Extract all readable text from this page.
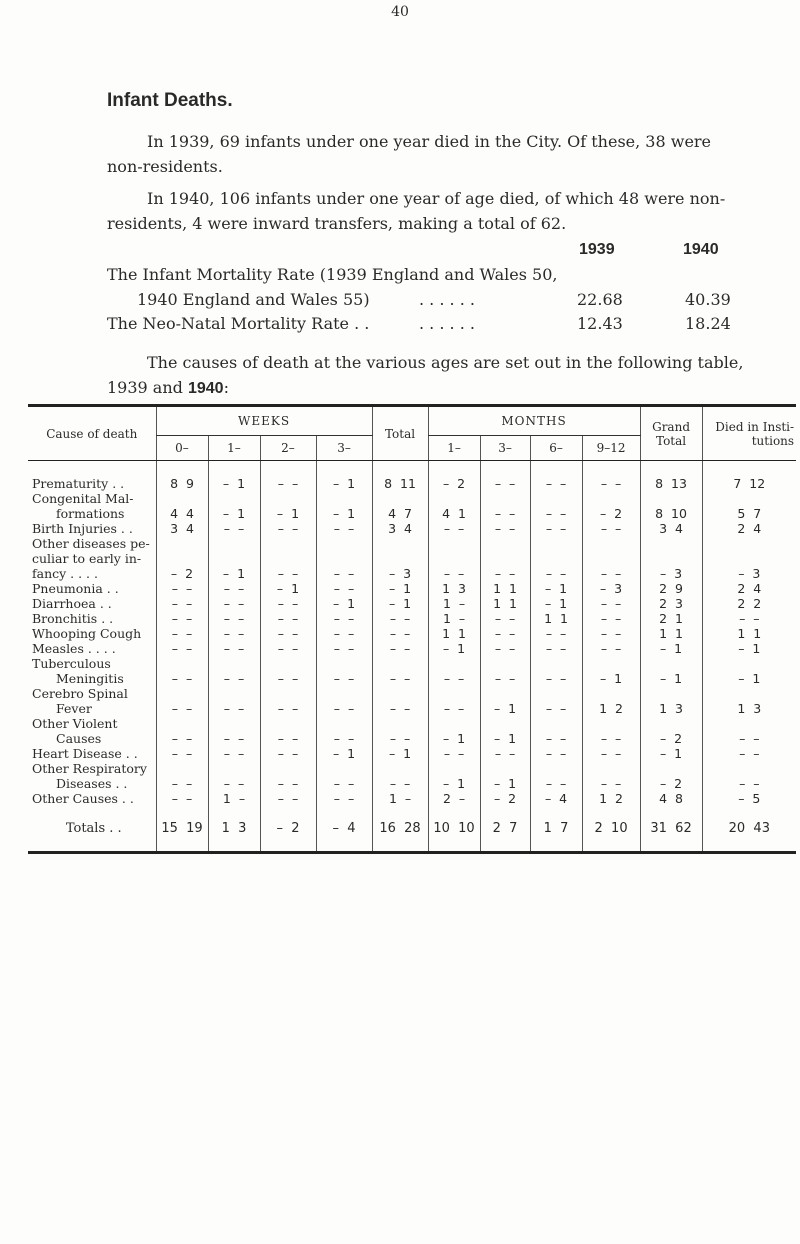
40
Infant Deaths.
In 1939, 69 infants under one year died in the City. Of these, 38 were non-residents.
In 1940, 106 infants under one year of age died, of which 48 were non-residents, 4 were inward transfers, making a total of 62.
1939	1940
The Infant Mortality Rate (1939 England and Wales 50,
1940 England and Wales 55)	. . . . . .	22.68	40.39
The Neo-Natal Mortality Rate . .	. . . . . .	12.43	18.24
The causes of death at the various ages are set out in the following table, 1939 and 1940:
Cause of death	WEEKS				Total	MONTHS				Grand Total	Died in Insti- tutions
	0–	1–	2–	3–		1–	3–	6–	9–12		

Prematurity . .	8  9	–  1	–  –	–  1	8  11	–  2	–  –	–  –	–  –	8  13	7  12
Congenital Mal-											
formations	4  4	–  1	–  1	–  1	4  7	4  1	–  –	–  –	–  2	8  10	5  7
Birth Injuries . .	3  4	–  –	–  –	–  –	3  4	–  –	–  –	–  –	–  –	3  4	2  4
Other diseases pe-											
culiar to early in-											
fancy . . . .	–  2	–  1	–  –	–  –	–  3	–  –	–  –	–  –	–  –	–  3	–  3
Pneumonia . .	–  –	–  –	–  1	–  –	–  1	1  3	1  1	–  1	–  3	2  9	2  4
Diarrhoea . .	–  –	–  –	–  –	–  1	–  1	1  –	1  1	–  1	–  –	2  3	2  2
Bronchitis . .	–  –	–  –	–  –	–  –	–  –	1  –	–  –	1  1	–  –	2  1	–  –
Whooping Cough	–  –	–  –	–  –	–  –	–  –	1  1	–  –	–  –	–  –	1  1	1  1
Measles . . . .	–  –	–  –	–  –	–  –	–  –	–  1	–  –	–  –	–  –	–  1	–  1
Tuberculous											
Meningitis	–  –	–  –	–  –	–  –	–  –	–  –	–  –	–  –	–  1	–  1	–  1
Cerebro Spinal											
Fever	–  –	–  –	–  –	–  –	–  –	–  –	–  1	–  –	1  2	1  3	1  3
Other Violent											
Causes	–  –	–  –	–  –	–  –	–  –	–  1	–  1	–  –	–  –	–  2	–  –
Heart Disease . .	–  –	–  –	–  –	–  1	–  1	–  –	–  –	–  –	–  –	–  1	–  –
Other Respiratory											
Diseases . .	–  –	–  –	–  –	–  –	–  –	–  1	–  1	–  –	–  –	–  2	–  –
Other Causes . .	–  –	1  –	–  –	–  –	1  –	2  –	–  2	–  4	1  2	4  8	–  5

Totals . .	15  19	1  3	–  2	–  4	16  28	10  10	2  7	1  7	2  10	31  62	20  43
